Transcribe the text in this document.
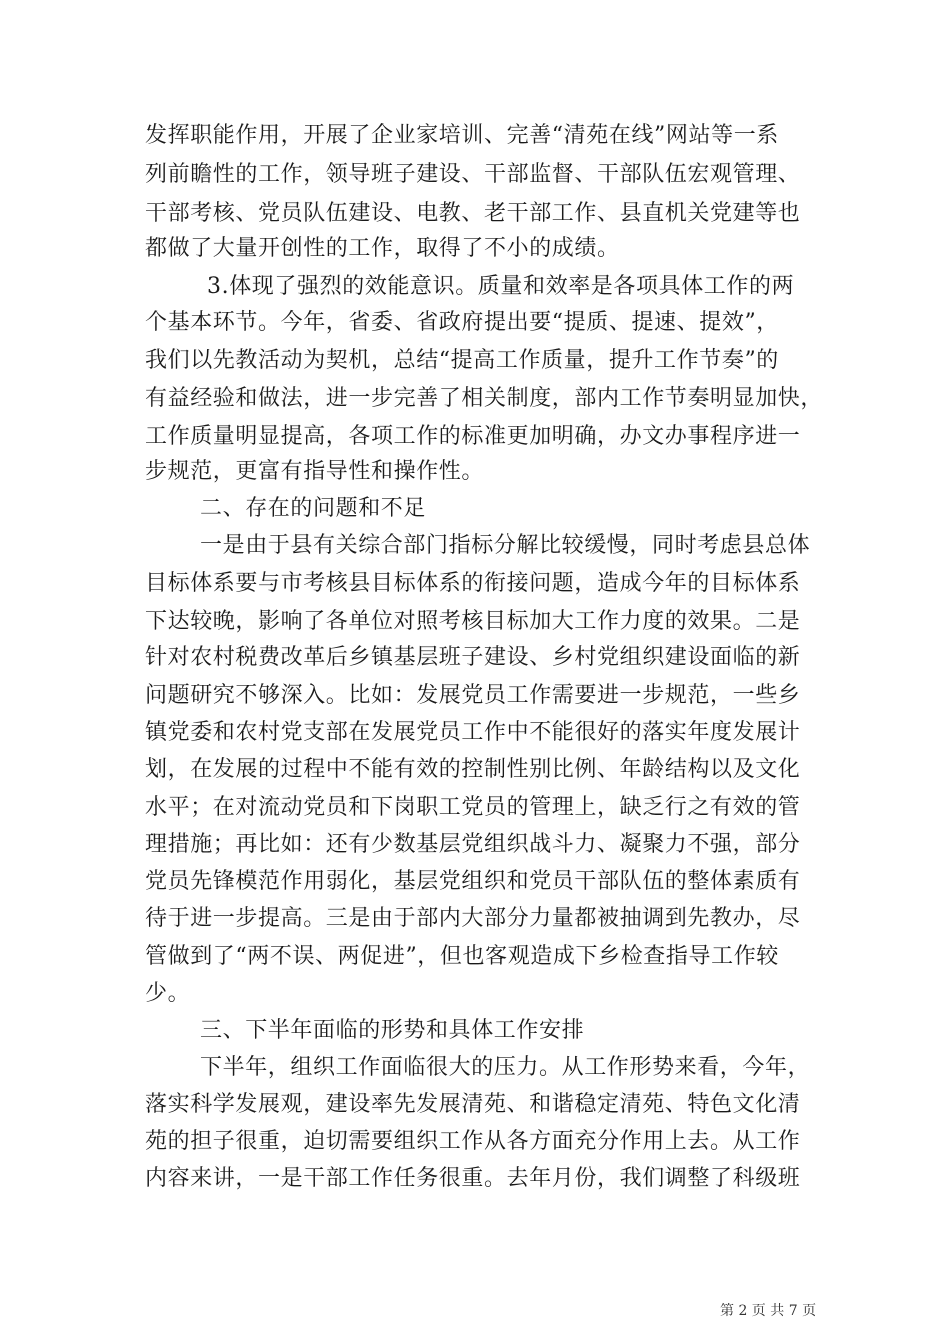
发挥职能作用，开展了企业家培训、完善“清苑在线”网站等一系
列前瞻性的工作，领导班子建设、干部监督、干部队伍宏观管理、
干部考核、党员队伍建设、电教、老干部工作、县直机关党建等也
都做了大量开创性的工作，取得了不小的成绩。
3.体现了强烈的效能意识。质量和效率是各项具体工作的两
个基本环节。今年，省委、省政府提出要“提质、提速、提效”，
我们以先教活动为契机，总结“提高工作质量，提升工作节奏”的
有益经验和做法，进一步完善了相关制度，部内工作节奏明显加快，
工作质量明显提高，各项工作的标准更加明确，办文办事程序进一
步规范，更富有指导性和操作性。
二、存在的问题和不足
一是由于县有关综合部门指标分解比较缓慢，同时考虑县总体
目标体系要与市考核县目标体系的衔接问题，造成今年的目标体系
下达较晚，影响了各单位对照考核目标加大工作力度的效果。二是
针对农村税费改革后乡镇基层班子建设、乡村党组织建设面临的新
问题研究不够深入。比如：发展党员工作需要进一步规范，一些乡
镇党委和农村党支部在发展党员工作中不能很好的落实年度发展计
划，在发展的过程中不能有效的控制性别比例、年龄结构以及文化
水平；在对流动党员和下岗职工党员的管理上，缺乏行之有效的管
理措施；再比如：还有少数基层党组织战斗力、凝聚力不强，部分
党员先锋模范作用弱化，基层党组织和党员干部队伍的整体素质有
待于进一步提高。三是由于部内大部分力量都被抽调到先教办，尽
管做到了“两不误、两促进”，但也客观造成下乡检查指导工作较
少。
三、下半年面临的形势和具体工作安排
下半年，组织工作面临很大的压力。从工作形势来看，今年，
落实科学发展观，建设率先发展清苑、和谐稳定清苑、特色文化清
苑的担子很重，迫切需要组织工作从各方面充分作用上去。从工作
内容来讲，一是干部工作任务很重。去年月份，我们调整了科级班
第 2 页 共 7 页
